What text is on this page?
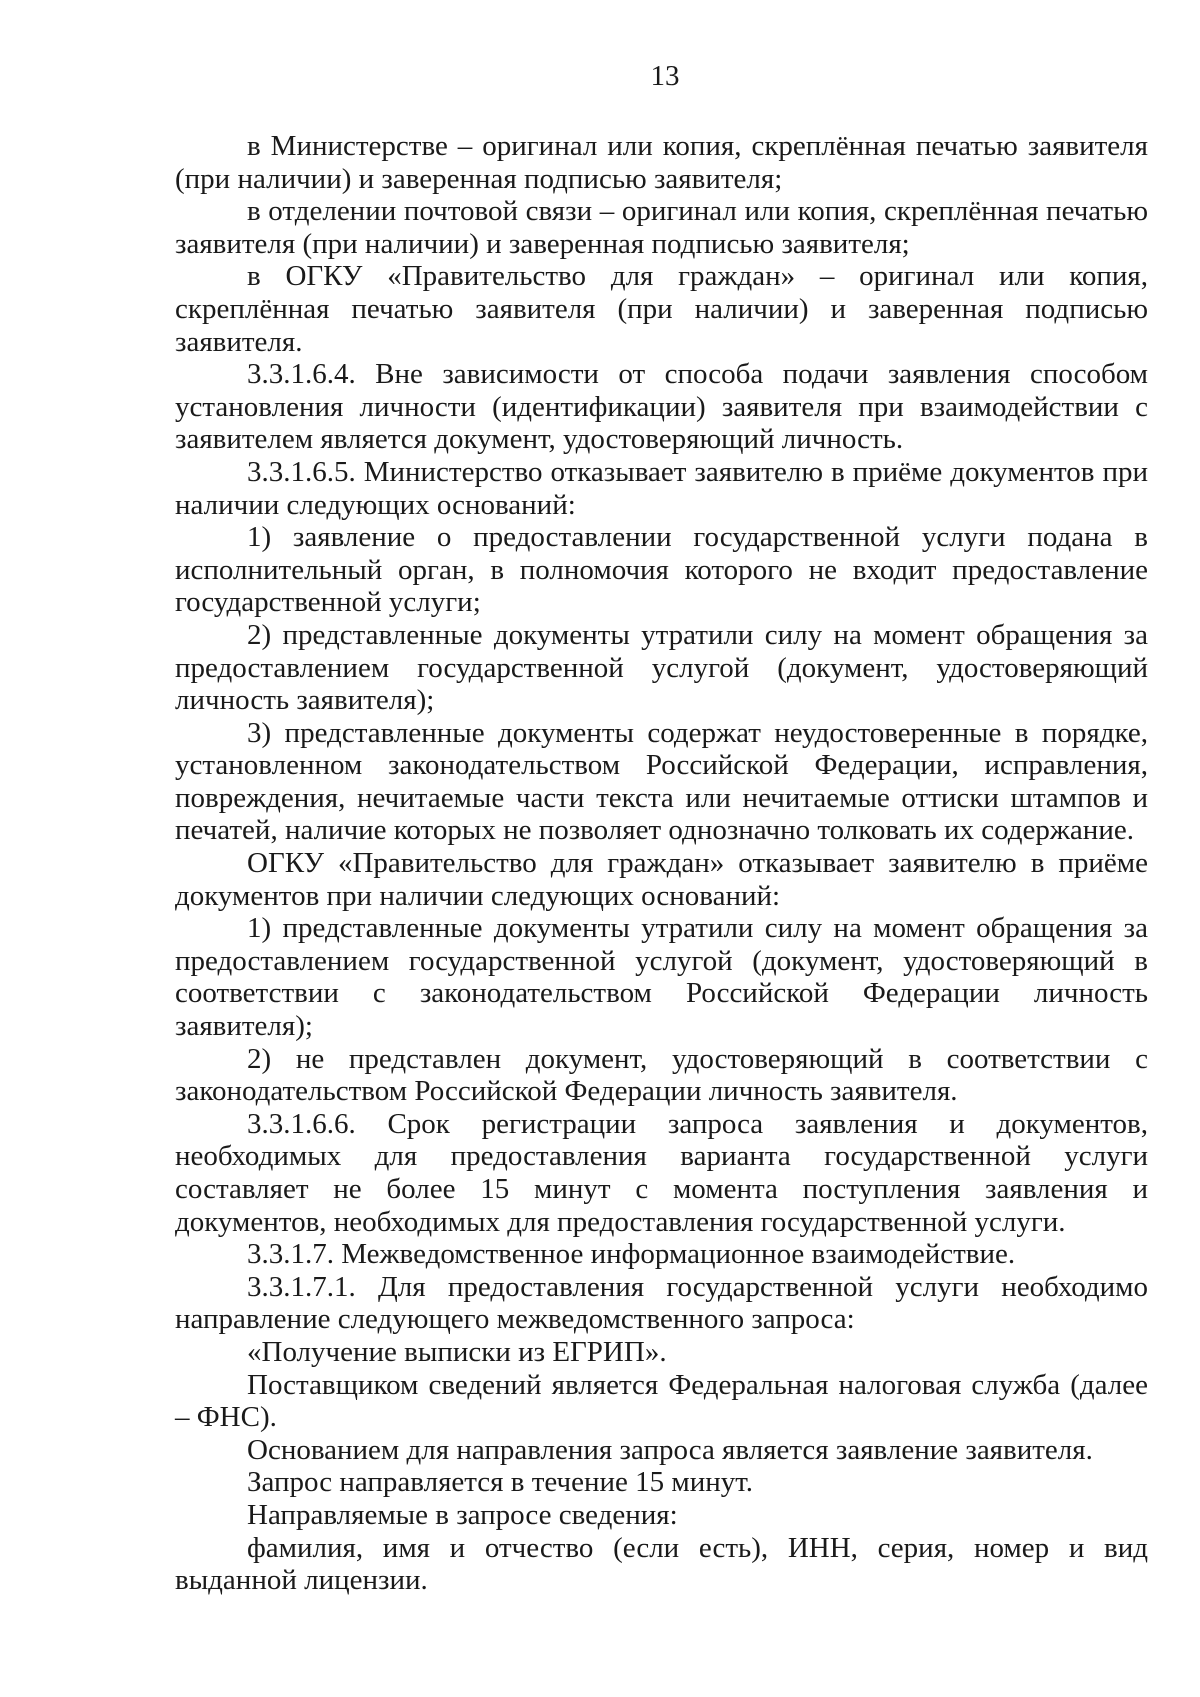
13

в Министерстве – оригинал или копия, скреплённая печатью заявителя (при наличии) и заверенная подписью заявителя;

в отделении почтовой связи – оригинал или копия, скреплённая печатью заявителя (при наличии) и заверенная подписью заявителя;

в ОГКУ «Правительство для граждан» – оригинал или копия, скреплённая печатью заявителя (при наличии) и заверенная подписью заявителя.

3.3.1.6.4. Вне зависимости от способа подачи заявления способом установления личности (идентификации) заявителя при взаимодействии с заявителем является документ, удостоверяющий личность.

3.3.1.6.5. Министерство отказывает заявителю в приёме документов при наличии следующих оснований:

1) заявление о предоставлении государственной услуги подана в исполнительный орган, в полномочия которого не входит предоставление государственной услуги;

2) представленные документы утратили силу на момент обращения за предоставлением государственной услугой (документ, удостоверяющий личность заявителя);

3) представленные документы содержат неудостоверенные в порядке, установленном законодательством Российской Федерации, исправления, повреждения, нечитаемые части текста или нечитаемые оттиски штампов и печатей, наличие которых не позволяет однозначно толковать их содержание.

ОГКУ «Правительство для граждан» отказывает заявителю в приёме документов при наличии следующих оснований:

1) представленные документы утратили силу на момент обращения за предоставлением государственной услугой (документ, удостоверяющий в соответствии с законодательством Российской Федерации личность заявителя);

2) не представлен документ, удостоверяющий в соответствии с законодательством Российской Федерации личность заявителя.

3.3.1.6.6. Срок регистрации запроса заявления и документов, необходимых для предоставления варианта государственной услуги составляет не более 15 минут с момента поступления заявления и документов, необходимых для предоставления государственной услуги.

3.3.1.7. Межведомственное информационное взаимодействие.

3.3.1.7.1. Для предоставления государственной услуги необходимо направление следующего межведомственного запроса:

«Получение выписки из ЕГРИП».

Поставщиком сведений является Федеральная налоговая служба (далее – ФНС).

Основанием для направления запроса является заявление заявителя.

Запрос направляется в течение 15 минут.

Направляемые в запросе сведения:

фамилия, имя и отчество (если есть), ИНН, серия, номер и вид выданной лицензии.
